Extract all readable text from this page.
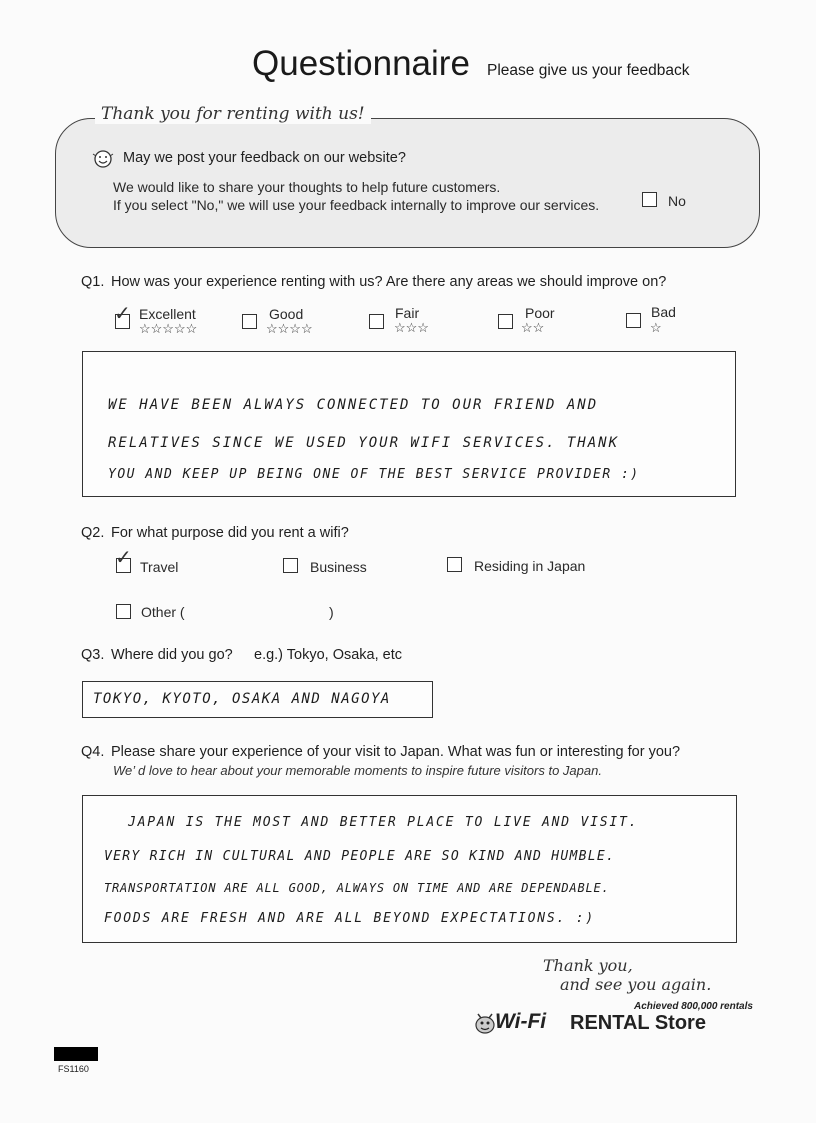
Questionnaire Please give us your feedback
Thank you for renting with us!
May we post your feedback on our website?
We would like to share your thoughts to help future customers.
If you select "No," we will use your feedback internally to improve our services.	No
Q1. How was your experience renting with us? Are there any areas we should improve on?
✓ Excellent
☆☆☆☆☆
Good
☆☆☆☆
Fair
☆☆☆
Poor
☆☆
Bad
☆
WE HAVE BEEN ALWAYS CONNECTED TO OUR FRIEND AND
RELATIVES SINCE WE USED YOUR WIFI SERVICES. THANK
YOU AND KEEP UP BEING ONE OF THE BEST SERVICE PROVIDER :)
Q2. For what purpose did you rent a wifi?
✓ Travel	Business	Residing in Japan
Other (	)
Q3. Where did you go? e.g.) Tokyo, Osaka, etc
TOKYO, KYOTO, OSAKA AND NAGOYA
Q4. Please share your experience of your visit to Japan. What was fun or interesting for you?
We’ d love to hear about your memorable moments to inspire future visitors to Japan.
JAPAN IS THE MOST AND BETTER PLACE TO LIVE AND VISIT.
VERY RICH IN CULTURAL AND PEOPLE ARE SO KIND AND HUMBLE.
TRANSPORTATION ARE ALL GOOD, ALWAYS ON TIME AND ARE DEPENDABLE.
FOODS ARE FRESH AND ARE ALL BEYOND EXPECTATIONS. :)
Thank you,
and see you again.
Achieved 800,000 rentals
Wi-Fi RENTAL Store
FS1160
